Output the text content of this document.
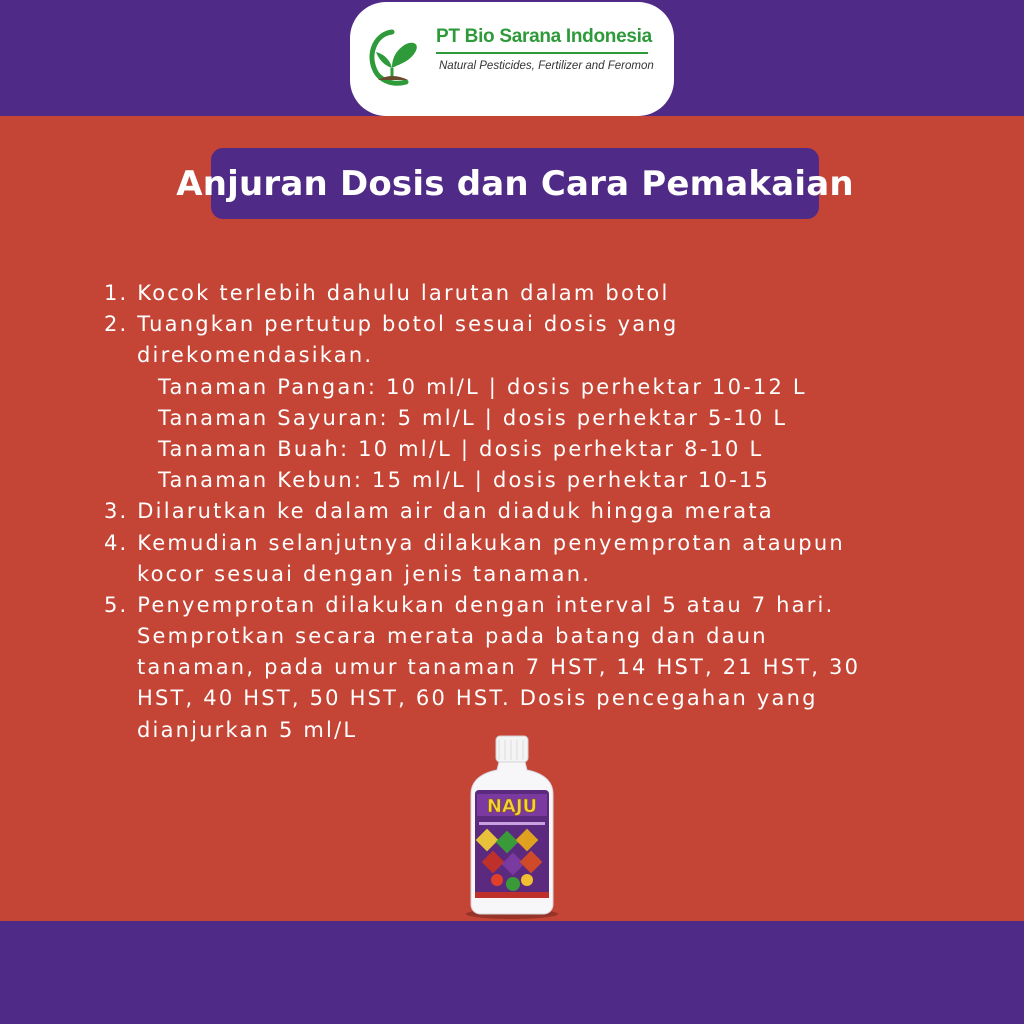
PT Bio Sarana Indonesia
Natural Pesticides, Fertilizer and Feromon
Anjuran Dosis dan Cara Pemakaian
1. Kocok terlebih dahulu larutan dalam botol
2. Tuangkan pertutup botol sesuai dosis yang
direkomendasikan.
Tanaman Pangan: 10 ml/L | dosis perhektar 10-12 L
Tanaman Sayuran: 5 ml/L | dosis perhektar 5-10 L
Tanaman Buah: 10 ml/L | dosis perhektar 8-10 L
Tanaman Kebun: 15 ml/L | dosis perhektar 10-15
3. Dilarutkan ke dalam air dan diaduk hingga merata
4. Kemudian selanjutnya dilakukan penyemprotan ataupun
kocor sesuai dengan jenis tanaman.
5. Penyemprotan dilakukan dengan interval 5 atau 7 hari.
Semprotkan secara merata pada batang dan daun
tanaman, pada umur tanaman 7 HST, 14 HST, 21 HST, 30
HST, 40 HST, 50 HST, 60 HST. Dosis pencegahan yang
dianjurkan 5 ml/L
NAJU
